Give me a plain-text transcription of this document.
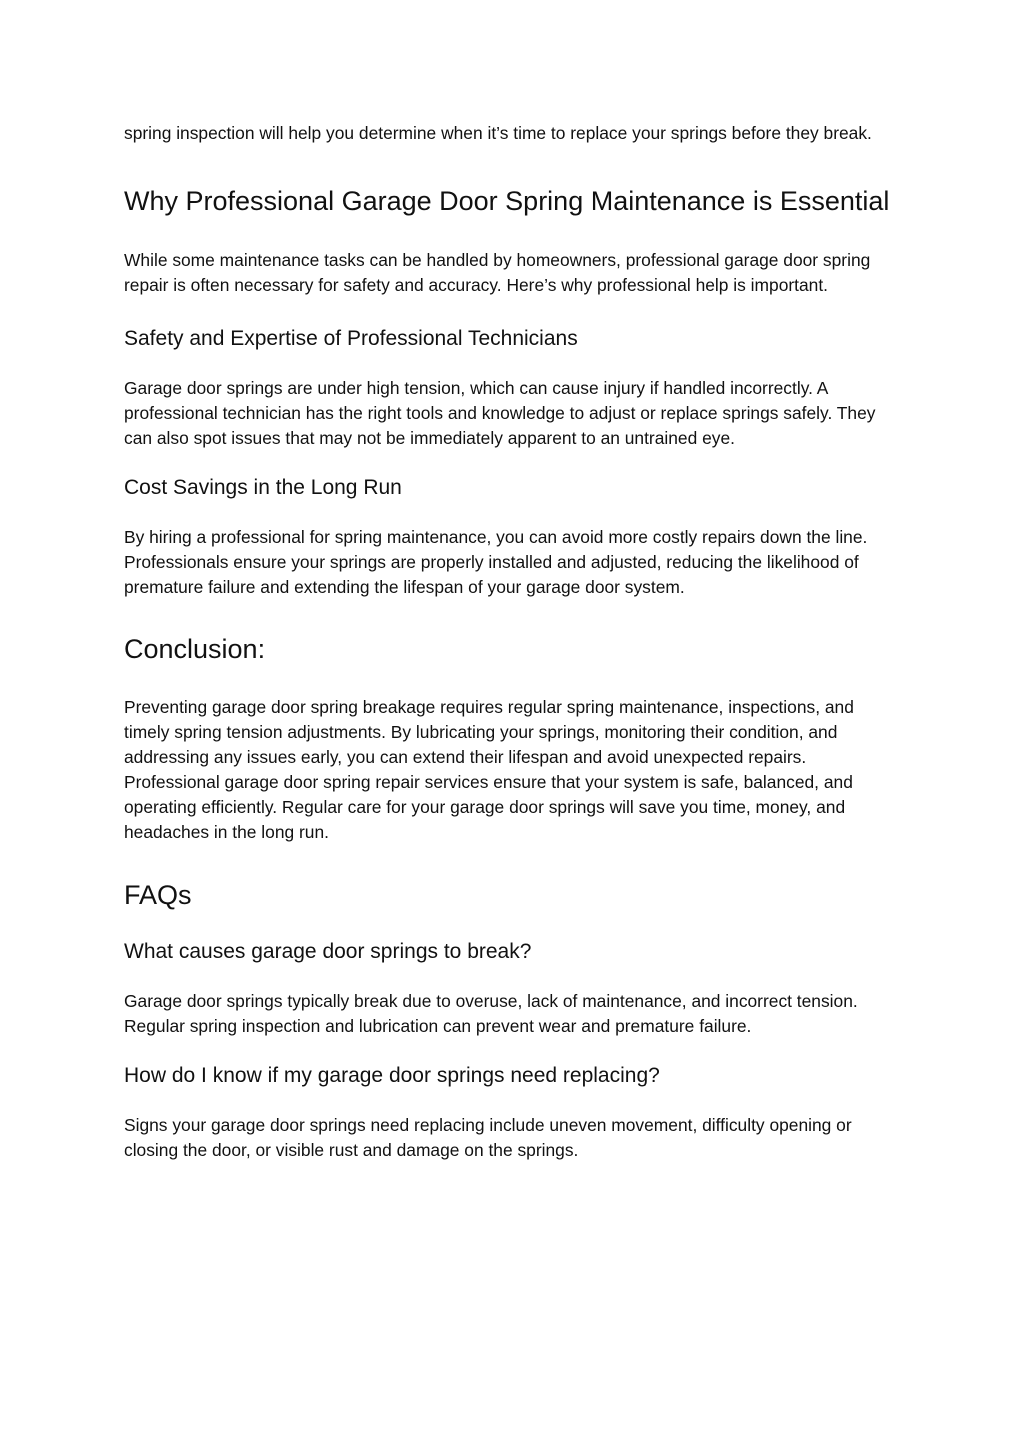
spring inspection will help you determine when it’s time to replace your springs before they break.

Why Professional Garage Door Spring Maintenance is Essential

While some maintenance tasks can be handled by homeowners, professional garage door spring repair is often necessary for safety and accuracy. Here’s why professional help is important.

Safety and Expertise of Professional Technicians

Garage door springs are under high tension, which can cause injury if handled incorrectly. A professional technician has the right tools and knowledge to adjust or replace springs safely. They can also spot issues that may not be immediately apparent to an untrained eye.

Cost Savings in the Long Run

By hiring a professional for spring maintenance, you can avoid more costly repairs down the line. Professionals ensure your springs are properly installed and adjusted, reducing the likelihood of premature failure and extending the lifespan of your garage door system.

Conclusion:

Preventing garage door spring breakage requires regular spring maintenance, inspections, and timely spring tension adjustments. By lubricating your springs, monitoring their condition, and addressing any issues early, you can extend their lifespan and avoid unexpected repairs. Professional garage door spring repair services ensure that your system is safe, balanced, and operating efficiently. Regular care for your garage door springs will save you time, money, and headaches in the long run.

FAQs
What causes garage door springs to break?

Garage door springs typically break due to overuse, lack of maintenance, and incorrect tension. Regular spring inspection and lubrication can prevent wear and premature failure.

How do I know if my garage door springs need replacing?

Signs your garage door springs need replacing include uneven movement, difficulty opening or closing the door, or visible rust and damage on the springs.
